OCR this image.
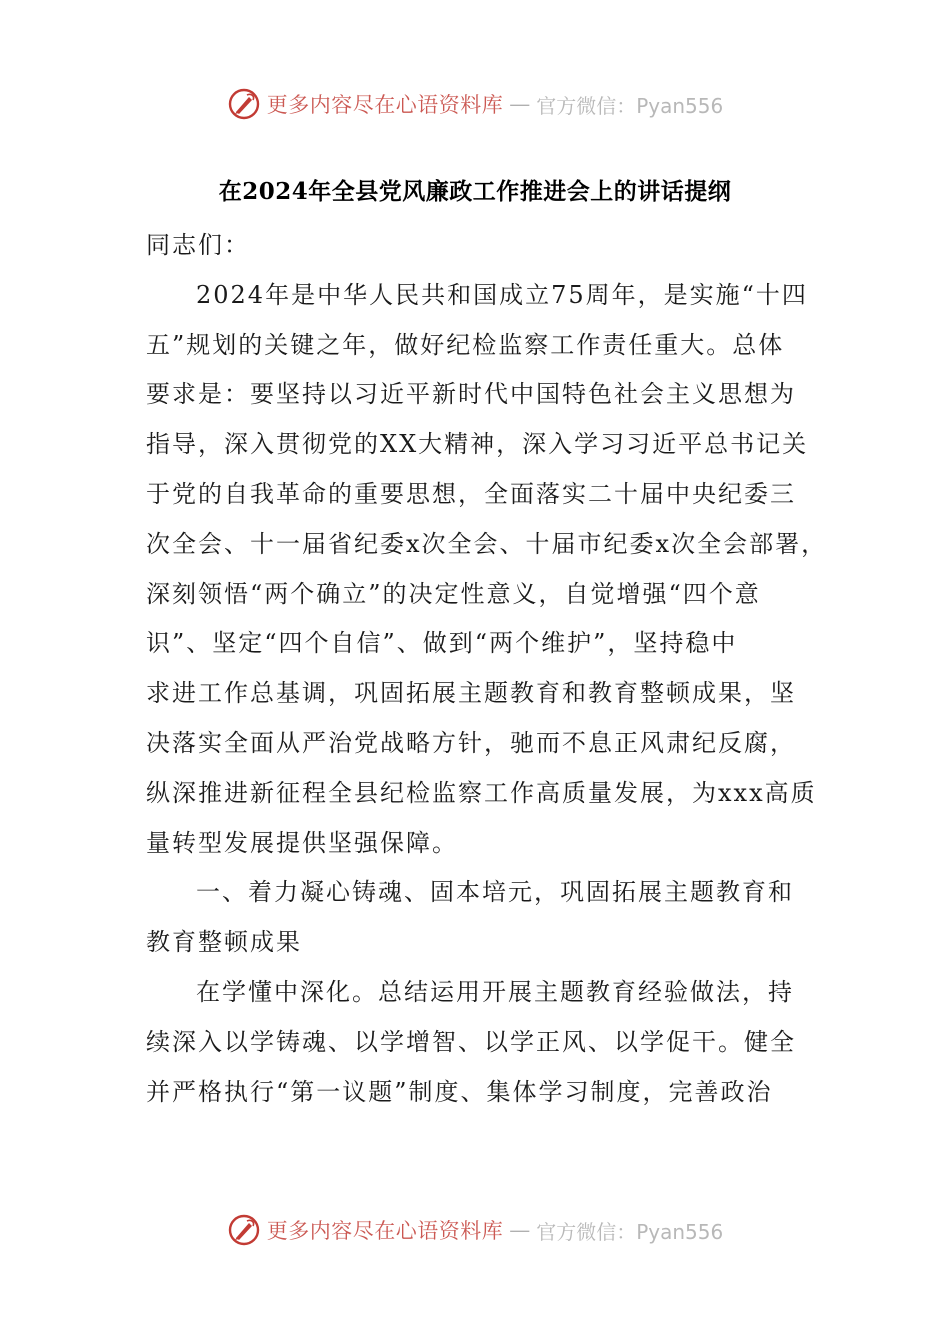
更多内容尽在心语资料库 — 官方微信：Pyan556
在2024年全县党风廉政工作推进会上的讲话提纲
同志们：
2024年是中华人民共和国成立75周年，是实施“十四
五”规划的关键之年，做好纪检监察工作责任重大。总体
要求是：要坚持以习近平新时代中国特色社会主义思想为
指导，深入贯彻党的XX大精神，深入学习习近平总书记关
于党的自我革命的重要思想，全面落实二十届中央纪委三
次全会、十一届省纪委x次全会、十届市纪委x次全会部署，
深刻领悟“两个确立”的决定性意义，自觉增强“四个意
识”、坚定“四个自信”、做到“两个维护”，坚持稳中
求进工作总基调，巩固拓展主题教育和教育整顿成果，坚
决落实全面从严治党战略方针，驰而不息正风肃纪反腐，
纵深推进新征程全县纪检监察工作高质量发展，为xxx高质
量转型发展提供坚强保障。
一、着力凝心铸魂、固本培元，巩固拓展主题教育和
教育整顿成果
在学懂中深化。总结运用开展主题教育经验做法，持
续深入以学铸魂、以学增智、以学正风、以学促干。健全
并严格执行“第一议题”制度、集体学习制度，完善政治
更多内容尽在心语资料库 — 官方微信：Pyan556
